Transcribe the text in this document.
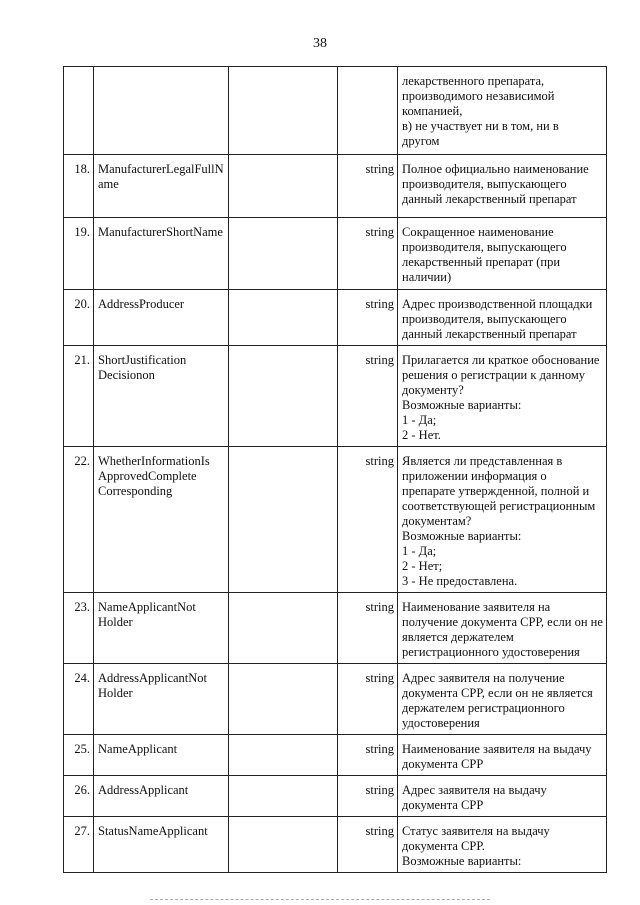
38
				лекарственного препарата,
производимого независимой
компанией,
в) не участвует ни в том, ни в
другом
18.	ManufacturerLegalFullName		string	Полное официально наименование производителя, выпускающего данный лекарственный препарат
19.	ManufacturerShortName		string	Сокращенное наименование производителя, выпускающего лекарственный препарат (при наличии)
20.	AddressProducer		string	Адрес производственной площадки производителя, выпускающего данный лекарственный препарат
21.	ShortJustification
Decisionon		string	Прилагается ли краткое обоснование решения о регистрации к данному документу?
Возможные варианты:
1 - Да;
2 - Нет.
22.	WhetherInformationIs
ApprovedComplete
Corresponding		string	Является ли представленная в приложении информация о препарате утвержденной, полной и соответствующей регистрационным документам?
Возможные варианты:
1 - Да;
2 - Нет;
3 - Не предоставлена.
23.	NameApplicantNot
Holder		string	Наименование заявителя на получение документа СРР, если он не является держателем регистрационного удостоверения
24.	AddressApplicantNot
Holder		string	Адрес заявителя на получение документа СРР, если он не является держателем регистрационного удостоверения
25.	NameApplicant		string	Наименование заявителя на выдачу документа СРР
26.	AddressApplicant		string	Адрес заявителя на выдачу документа СРР
27.	StatusNameApplicant		string	Статус заявителя на выдачу документа СРР.
Возможные варианты:
